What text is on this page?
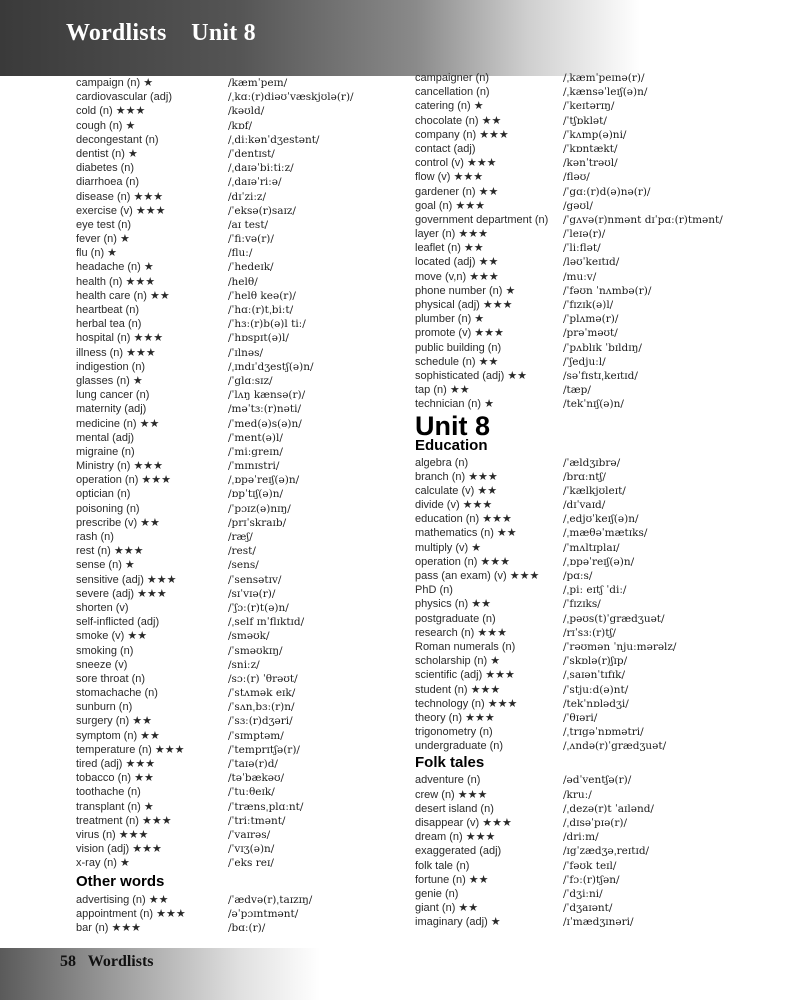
Wordlists    Unit 8
campaign (n) ★	/kæmˈpeɪn/
cardiovascular (adj)	/ˌkɑː(r)diəʊˈvæskjʊlə(r)/
cold (n) ★★★	/kəʊld/
cough (n) ★	/kɒf/
decongestant (n)	/ˌdiːkənˈdʒestənt/
dentist (n) ★	/ˈdentɪst/
diabetes (n)	/ˌdaɪəˈbiːtiːz/
diarrhoea (n)	/ˌdaɪəˈriːə/
disease (n) ★★★	/dɪˈziːz/
exercise (v) ★★★	/ˈeksə(r)saɪz/
eye test (n)	/aɪ test/
fever (n) ★	/ˈfiːvə(r)/
flu (n) ★	/fluː/
headache (n) ★	/ˈhedeɪk/
health (n) ★★★	/helθ/
health care (n) ★★	/ˈhelθ keə(r)/
heartbeat (n)	/ˈhɑː(r)tˌbiːt/
herbal tea (n)	/ˈhɜː(r)b(ə)l tiː/
hospital (n) ★★★	/ˈhɒspɪt(ə)l/
illness (n) ★★★	/ˈɪlnəs/
indigestion (n)	/ˌɪndɪˈdʒestʃ(ə)n/
glasses (n) ★	/ˈglɑːsɪz/
lung cancer (n)	/ˈlʌŋ kænsə(r)/
maternity (adj)	/məˈtɜː(r)nəti/
medicine (n) ★★	/ˈmed(ə)s(ə)n/
mental (adj)	/ˈment(ə)l/
migraine (n)	/ˈmiːgreɪn/
Ministry (n) ★★★	/ˈmɪnɪstri/
operation (n) ★★★	/ˌɒpəˈreɪʃ(ə)n/
optician (n)	/ɒpˈtɪʃ(ə)n/
poisoning (n)	/ˈpɔɪz(ə)nɪŋ/
prescribe (v) ★★	/prɪˈskraɪb/
rash (n)	/ræʃ/
rest (n) ★★★	/rest/
sense (n) ★	/sens/
sensitive (adj) ★★★	/ˈsensətɪv/
severe (adj) ★★★	/sɪˈvɪə(r)/
shorten (v)	/ˈʃɔː(r)t(ə)n/
self-inflicted (adj)	/ˌself ɪnˈflɪktɪd/
smoke (v) ★★	/sməʊk/
smoking (n)	/ˈsməʊkɪŋ/
sneeze (v)	/sniːz/
sore throat (n)	/sɔː(r) ˈθrəʊt/
stomachache (n)	/ˈstʌmək eɪk/
sunburn (n)	/ˈsʌnˌbɜː(r)n/
surgery (n) ★★	/ˈsɜː(r)dʒəri/
symptom (n) ★★	/ˈsɪmptəm/
temperature (n) ★★★	/ˈtemprɪtʃə(r)/
tired (adj) ★★★	/ˈtaɪə(r)d/
tobacco (n) ★★	/təˈbækəʊ/
toothache (n)	/ˈtuːθeɪk/
transplant (n) ★	/ˈtrænsˌplɑːnt/
treatment (n) ★★★	/ˈtriːtmənt/
virus (n) ★★★	/ˈvaɪrəs/
vision (adj) ★★★	/ˈvɪʒ(ə)n/
x-ray (n) ★	/ˈeks reɪ/
Other words
advertising (n) ★★	/ˈædvə(r)ˌtaɪzɪŋ/
appointment (n) ★★★	/əˈpɔɪntmənt/
bar (n) ★★★	/bɑː(r)/
campaigner (n)	/ˌkæmˈpeɪnə(r)/
cancellation (n)	/ˌkænsəˈleɪʃ(ə)n/
catering (n) ★	/ˈkeɪtərɪŋ/
chocolate (n) ★★	/ˈtʃɒklət/
company (n) ★★★	/ˈkʌmp(ə)ni/
contact (adj)	/ˈkɒntækt/
control (v) ★★★	/kənˈtrəʊl/
flow (v) ★★★	/fləʊ/
gardener (n) ★★	/ˈgɑː(r)d(ə)nə(r)/
goal (n) ★★★	/gəʊl/
government department (n)	/ˈgʌvə(r)nmənt dɪˈpɑː(r)tmənt/
layer (n) ★★★	/ˈleɪə(r)/
leaflet (n) ★★	/ˈliːflət/
located (adj) ★★	/ləʊˈkeɪtɪd/
move (v,n) ★★★	/muːv/
phone number (n) ★	/ˈfəʊn ˈnʌmbə(r)/
physical (adj) ★★★	/ˈfɪzɪk(ə)l/
plumber (n) ★	/ˈplʌmə(r)/
promote (v) ★★★	/prəˈməʊt/
public building (n)	/ˈpʌblɪk ˈbɪldɪŋ/
schedule (n) ★★	/ˈʃedjuːl/
sophisticated (adj) ★★	/səˈfɪstɪˌkeɪtɪd/
tap (n) ★★	/tæp/
technician (n) ★	/tekˈnɪʃ(ə)n/
Unit 8
Education
algebra (n)	/ˈældʒɪbrə/
branch (n) ★★★	/brɑːntʃ/
calculate (v) ★★	/ˈkælkjʊleɪt/
divide (v) ★★★	/dɪˈvaɪd/
education (n) ★★★	/ˌedjʊˈkeɪʃ(ə)n/
mathematics (n) ★★	/ˌmæθəˈmætɪks/
multiply (v) ★	/ˈmʌltɪplaɪ/
operation (n) ★★★	/ˌɒpəˈreɪʃ(ə)n/
pass (an exam) (v) ★★★	/pɑːs/
PhD (n)	/ˌpiː eɪtʃ ˈdiː/
physics (n) ★★	/ˈfɪzɪks/
postgraduate (n)	/ˌpəʊs(t)ˈgrædʒuət/
research (n) ★★★	/rɪˈsɜː(r)tʃ/
Roman numerals (n)	/ˈrəʊmən ˈnjuːmərəlz/
scholarship (n) ★	/ˈskɒlə(r)ʃɪp/
scientific (adj) ★★★	/ˌsaɪənˈtɪfɪk/
student (n) ★★★	/ˈstjuːd(ə)nt/
technology (n) ★★★	/tekˈnɒlədʒi/
theory (n) ★★★	/ˈθɪəri/
trigonometry (n)	/ˌtrɪgəˈnɒmətri/
undergraduate (n)	/ˌʌndə(r)ˈgrædʒuət/
Folk tales
adventure (n)	/ədˈventʃə(r)/
crew (n) ★★★	/kruː/
desert island (n)	/ˌdezə(r)t ˈaɪlənd/
disappear (v) ★★★	/ˌdɪsəˈpɪə(r)/
dream (n) ★★★	/driːm/
exaggerated (adj)	/ɪgˈzædʒəˌreɪtɪd/
folk tale (n)	/ˈfəʊk teɪl/
fortune (n) ★★	/ˈfɔː(r)tʃən/
genie (n)	/ˈdʒiːni/
giant (n) ★★	/ˈdʒaɪənt/
imaginary (adj) ★	/ɪˈmædʒɪnəri/
58 Wordlists
